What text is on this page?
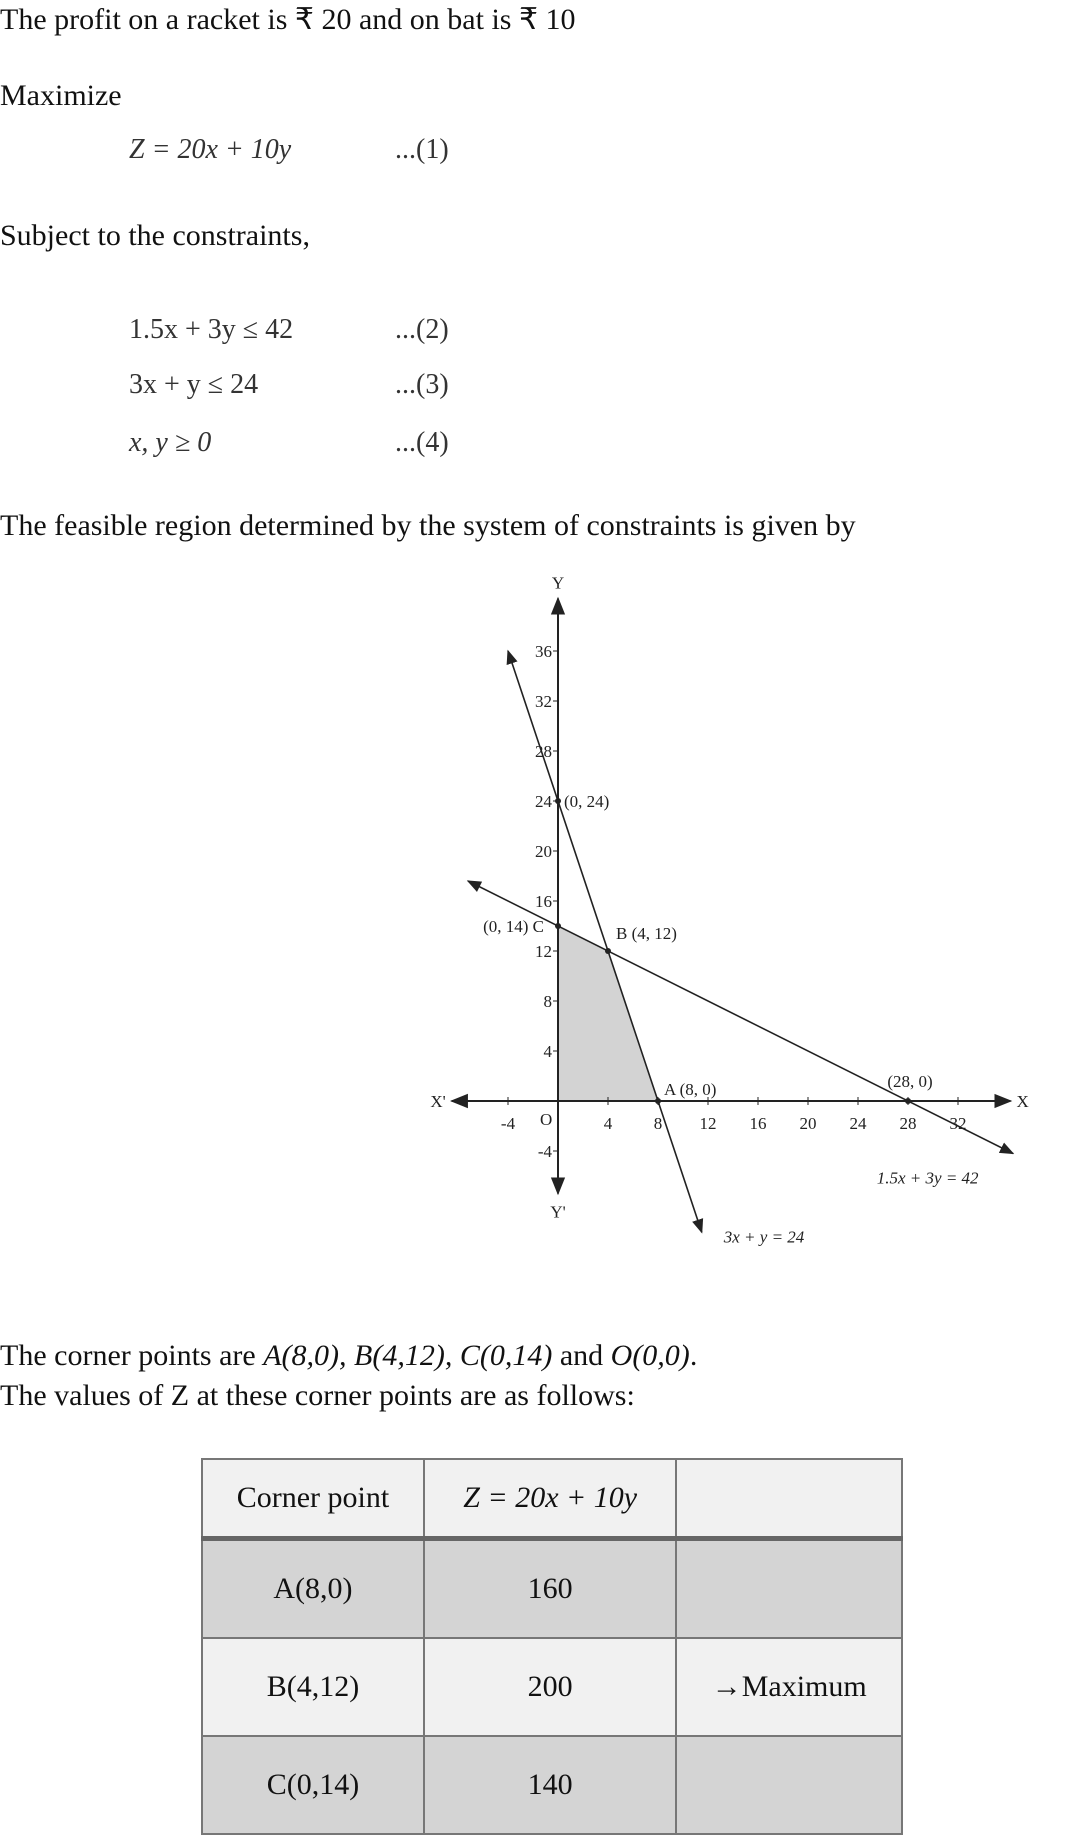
The profit on a racket is ₹ 20 and on bat is ₹ 10
Maximize
Z = 20x + 10y	...(1)
Subject to the constraints,
1.5x + 3y ≤ 42	...(2)
3x + y ≤ 24	...(3)
x, y ≥ 0	...(4)
The feasible region determined by the system of constraints is given by
-4	4 8 12 16 20 24 28 32
-4
4
8
12
16
20
24
28
32
36
3x + y = 24
1.5x + 3y = 42
(0, 24)
(0, 14) C	B (4, 12)
A (8, 0)	(28, 0)
Y
Y'
X
X'
O
The corner points are A(8,0), B(4,12), C(0,14) and O(0,0).
The values of Z at these corner points are as follows:
Corner point	Z = 20x + 10y	
A(8,0)	160	
B(4,12)	200	→Maximum
C(0,14)	140	
